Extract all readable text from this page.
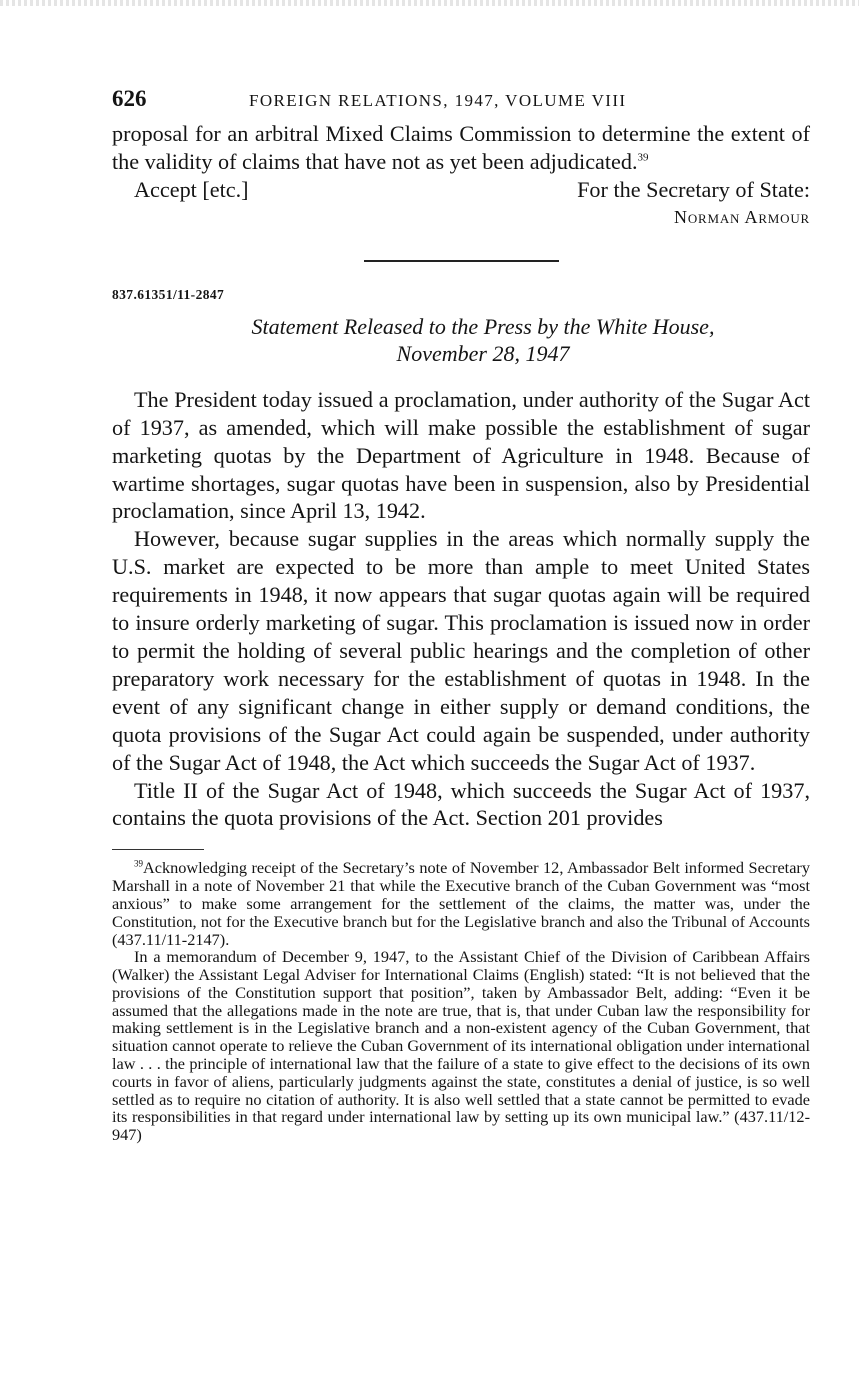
626	FOREIGN RELATIONS, 1947, VOLUME VIII

proposal for an arbitral Mixed Claims Commission to determine the extent of the validity of claims that have not as yet been adjudicated.$^{39}$

Accept [etc.]	For the Secretary of State:
Norman Armour
837.61351/11-2847
Statement Released to the Press by the White House,
November 28, 1947

The President today issued a proclamation, under authority of the Sugar Act of 1937, as amended, which will make possible the establishment of sugar marketing quotas by the Department of Agriculture in 1948. Because of wartime shortages, sugar quotas have been in suspension, also by Presidential proclamation, since April 13, 1942.

However, because sugar supplies in the areas which normally supply the U.S. market are expected to be more than ample to meet United States requirements in 1948, it now appears that sugar quotas again will be required to insure orderly marketing of sugar. This proclamation is issued now in order to permit the holding of several public hearings and the completion of other preparatory work necessary for the establishment of quotas in 1948. In the event of any significant change in either supply or demand conditions, the quota provisions of the Sugar Act could again be suspended, under authority of the Sugar Act of 1948, the Act which succeeds the Sugar Act of 1937.

Title II of the Sugar Act of 1948, which succeeds the Sugar Act of 1937, contains the quota provisions of the Act. Section 201 provides

$^{39}$Acknowledging receipt of the Secretary’s note of November 12, Ambassador Belt informed Secretary Marshall in a note of November 21 that while the Executive branch of the Cuban Government was “most anxious” to make some arrangement for the settlement of the claims, the matter was, under the Constitution, not for the Executive branch but for the Legislative branch and also the Tribunal of Accounts (437.11/11-2147).

In a memorandum of December 9, 1947, to the Assistant Chief of the Division of Caribbean Affairs (Walker) the Assistant Legal Adviser for International Claims (English) stated: “It is not believed that the provisions of the Constitution support that position”, taken by Ambassador Belt, adding: “Even it be assumed that the allegations made in the note are true, that is, that under Cuban law the responsibility for making settlement is in the Legislative branch and a non-existent agency of the Cuban Government, that situation cannot operate to relieve the Cuban Government of its international obligation under international law . . . the principle of international law that the failure of a state to give effect to the decisions of its own courts in favor of aliens, particularly judgments against the state, constitutes a denial of justice, is so well settled as to require no citation of authority. It is also well settled that a state cannot be permitted to evade its responsibilities in that regard under international law by setting up its own municipal law.” (437.11/12-947)
